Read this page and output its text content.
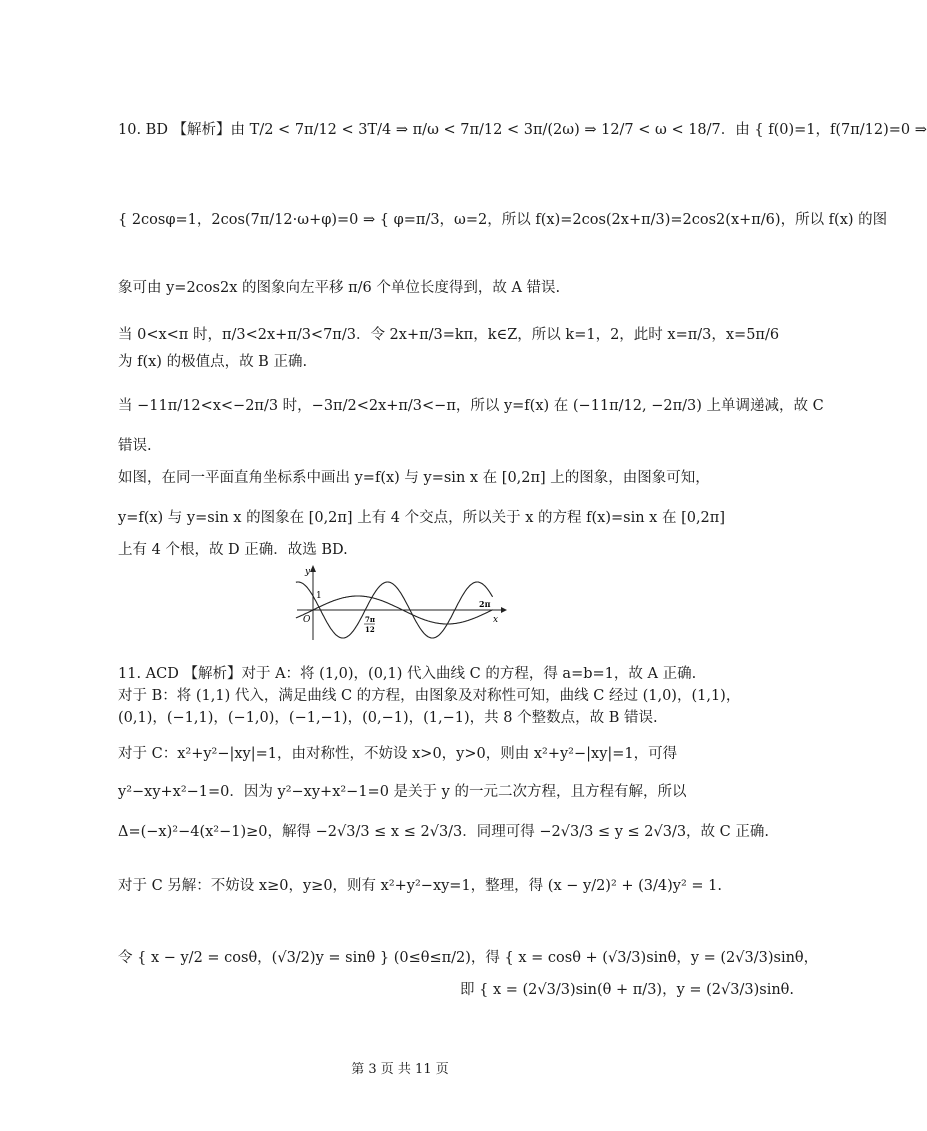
10. BD 【解析】由 T/2 < 7π/12 < 3T/4 ⇒ π/ω < 7π/12 < 3π/(2ω) ⇒ 12/7 < ω < 18/7．由 { f(0)=1，f(7π/12)=0 ⇒
{ 2cosφ=1，2cos(7π/12·ω+φ)=0 ⇒ { φ=π/3，ω=2，所以 f(x)=2cos(2x+π/3)=2cos2(x+π/6)，所以 f(x) 的图
象可由 y=2cos2x 的图象向左平移 π/6 个单位长度得到，故 A 错误.
当 0<x<π 时，π/3<2x+π/3<7π/3．令 2x+π/3=kπ，k∈Z，所以 k=1，2，此时 x=π/3，x=5π/6
为 f(x) 的极值点，故 B 正确.
当 −11π/12<x<−2π/3 时，−3π/2<2x+π/3<−π，所以 y=f(x) 在 (−11π/12, −2π/3) 上单调递减，故 C
错误.
如图，在同一平面直角坐标系中画出 y=f(x) 与 y=sin x 在 [0,2π] 上的图象，由图象可知，
y=f(x) 与 y=sin x 的图象在 [0,2π] 上有 4 个交点，所以关于 x 的方程 f(x)=sin x 在 [0,2π]
上有 4 个根，故 D 正确．故选 BD.
y
x
1
O
2π
7π
12
11. ACD 【解析】对于 A：将 (1,0)，(0,1) 代入曲线 C 的方程，得 a=b=1，故 A 正确.
对于 B：将 (1,1) 代入，满足曲线 C 的方程，由图象及对称性可知，曲线 C 经过 (1,0)，(1,1)，
(0,1)，(−1,1)，(−1,0)，(−1,−1)，(0,−1)，(1,−1)，共 8 个整数点，故 B 错误.
对于 C：x²+y²−|xy|=1，由对称性，不妨设 x>0，y>0，则由 x²+y²−|xy|=1，可得
y²−xy+x²−1=0．因为 y²−xy+x²−1=0 是关于 y 的一元二次方程，且方程有解，所以
Δ=(−x)²−4(x²−1)≥0，解得 −2√3/3 ≤ x ≤ 2√3/3．同理可得 −2√3/3 ≤ y ≤ 2√3/3，故 C 正确.
对于 C 另解：不妨设 x≥0，y≥0，则有 x²+y²−xy=1，整理，得 (x − y/2)² + (3/4)y² = 1.
令 { x − y/2 = cosθ，(√3/2)y = sinθ } (0≤θ≤π/2)，得 { x = cosθ + (√3/3)sinθ，y = (2√3/3)sinθ，
即 { x = (2√3/3)sin(θ + π/3)，y = (2√3/3)sinθ.
第 3 页 共 11 页
